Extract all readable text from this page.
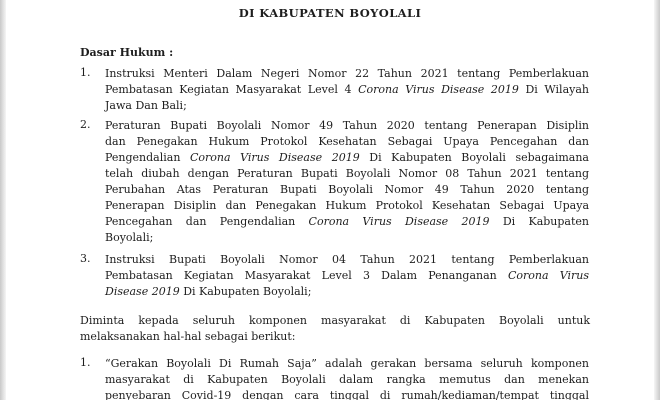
DI KABUPATEN BOYOLALI
Dasar Hukum :
1. Instruksi Menteri Dalam Negeri Nomor 22 Tahun 2021 tentang Pemberlakuan
Pembatasan Kegiatan Masyarakat Level 4 Corona Virus Disease 2019 Di Wilayah
Jawa Dan Bali;
2. Peraturan Bupati Boyolali Nomor 49 Tahun 2020 tentang Penerapan Disiplin
dan Penegakan Hukum Protokol Kesehatan Sebagai Upaya Pencegahan dan
Pengendalian Corona Virus Disease 2019 Di Kabupaten Boyolali sebagaimana
telah diubah dengan Peraturan Bupati Boyolali Nomor 08 Tahun 2021 tentang
Perubahan Atas Peraturan Bupati Boyolali Nomor 49 Tahun 2020 tentang
Penerapan Disiplin dan Penegakan Hukum Protokol Kesehatan Sebagai Upaya
Pencegahan dan Pengendalian Corona Virus Disease 2019 Di Kabupaten
Boyolali;
3. Instruksi Bupati Boyolali Nomor 04 Tahun 2021 tentang Pemberlakuan
Pembatasan Kegiatan Masyarakat Level 3 Dalam Penanganan Corona Virus
Disease 2019 Di Kabupaten Boyolali;
Diminta kepada seluruh komponen masyarakat di Kabupaten Boyolali untuk
melaksanakan hal-hal sebagai berikut:
1. “Gerakan Boyolali Di Rumah Saja” adalah gerakan bersama seluruh komponen
masyarakat di Kabupaten Boyolali dalam rangka memutus dan menekan
penyebaran Covid-19 dengan cara tinggal di rumah/kediaman/tempat tinggal
